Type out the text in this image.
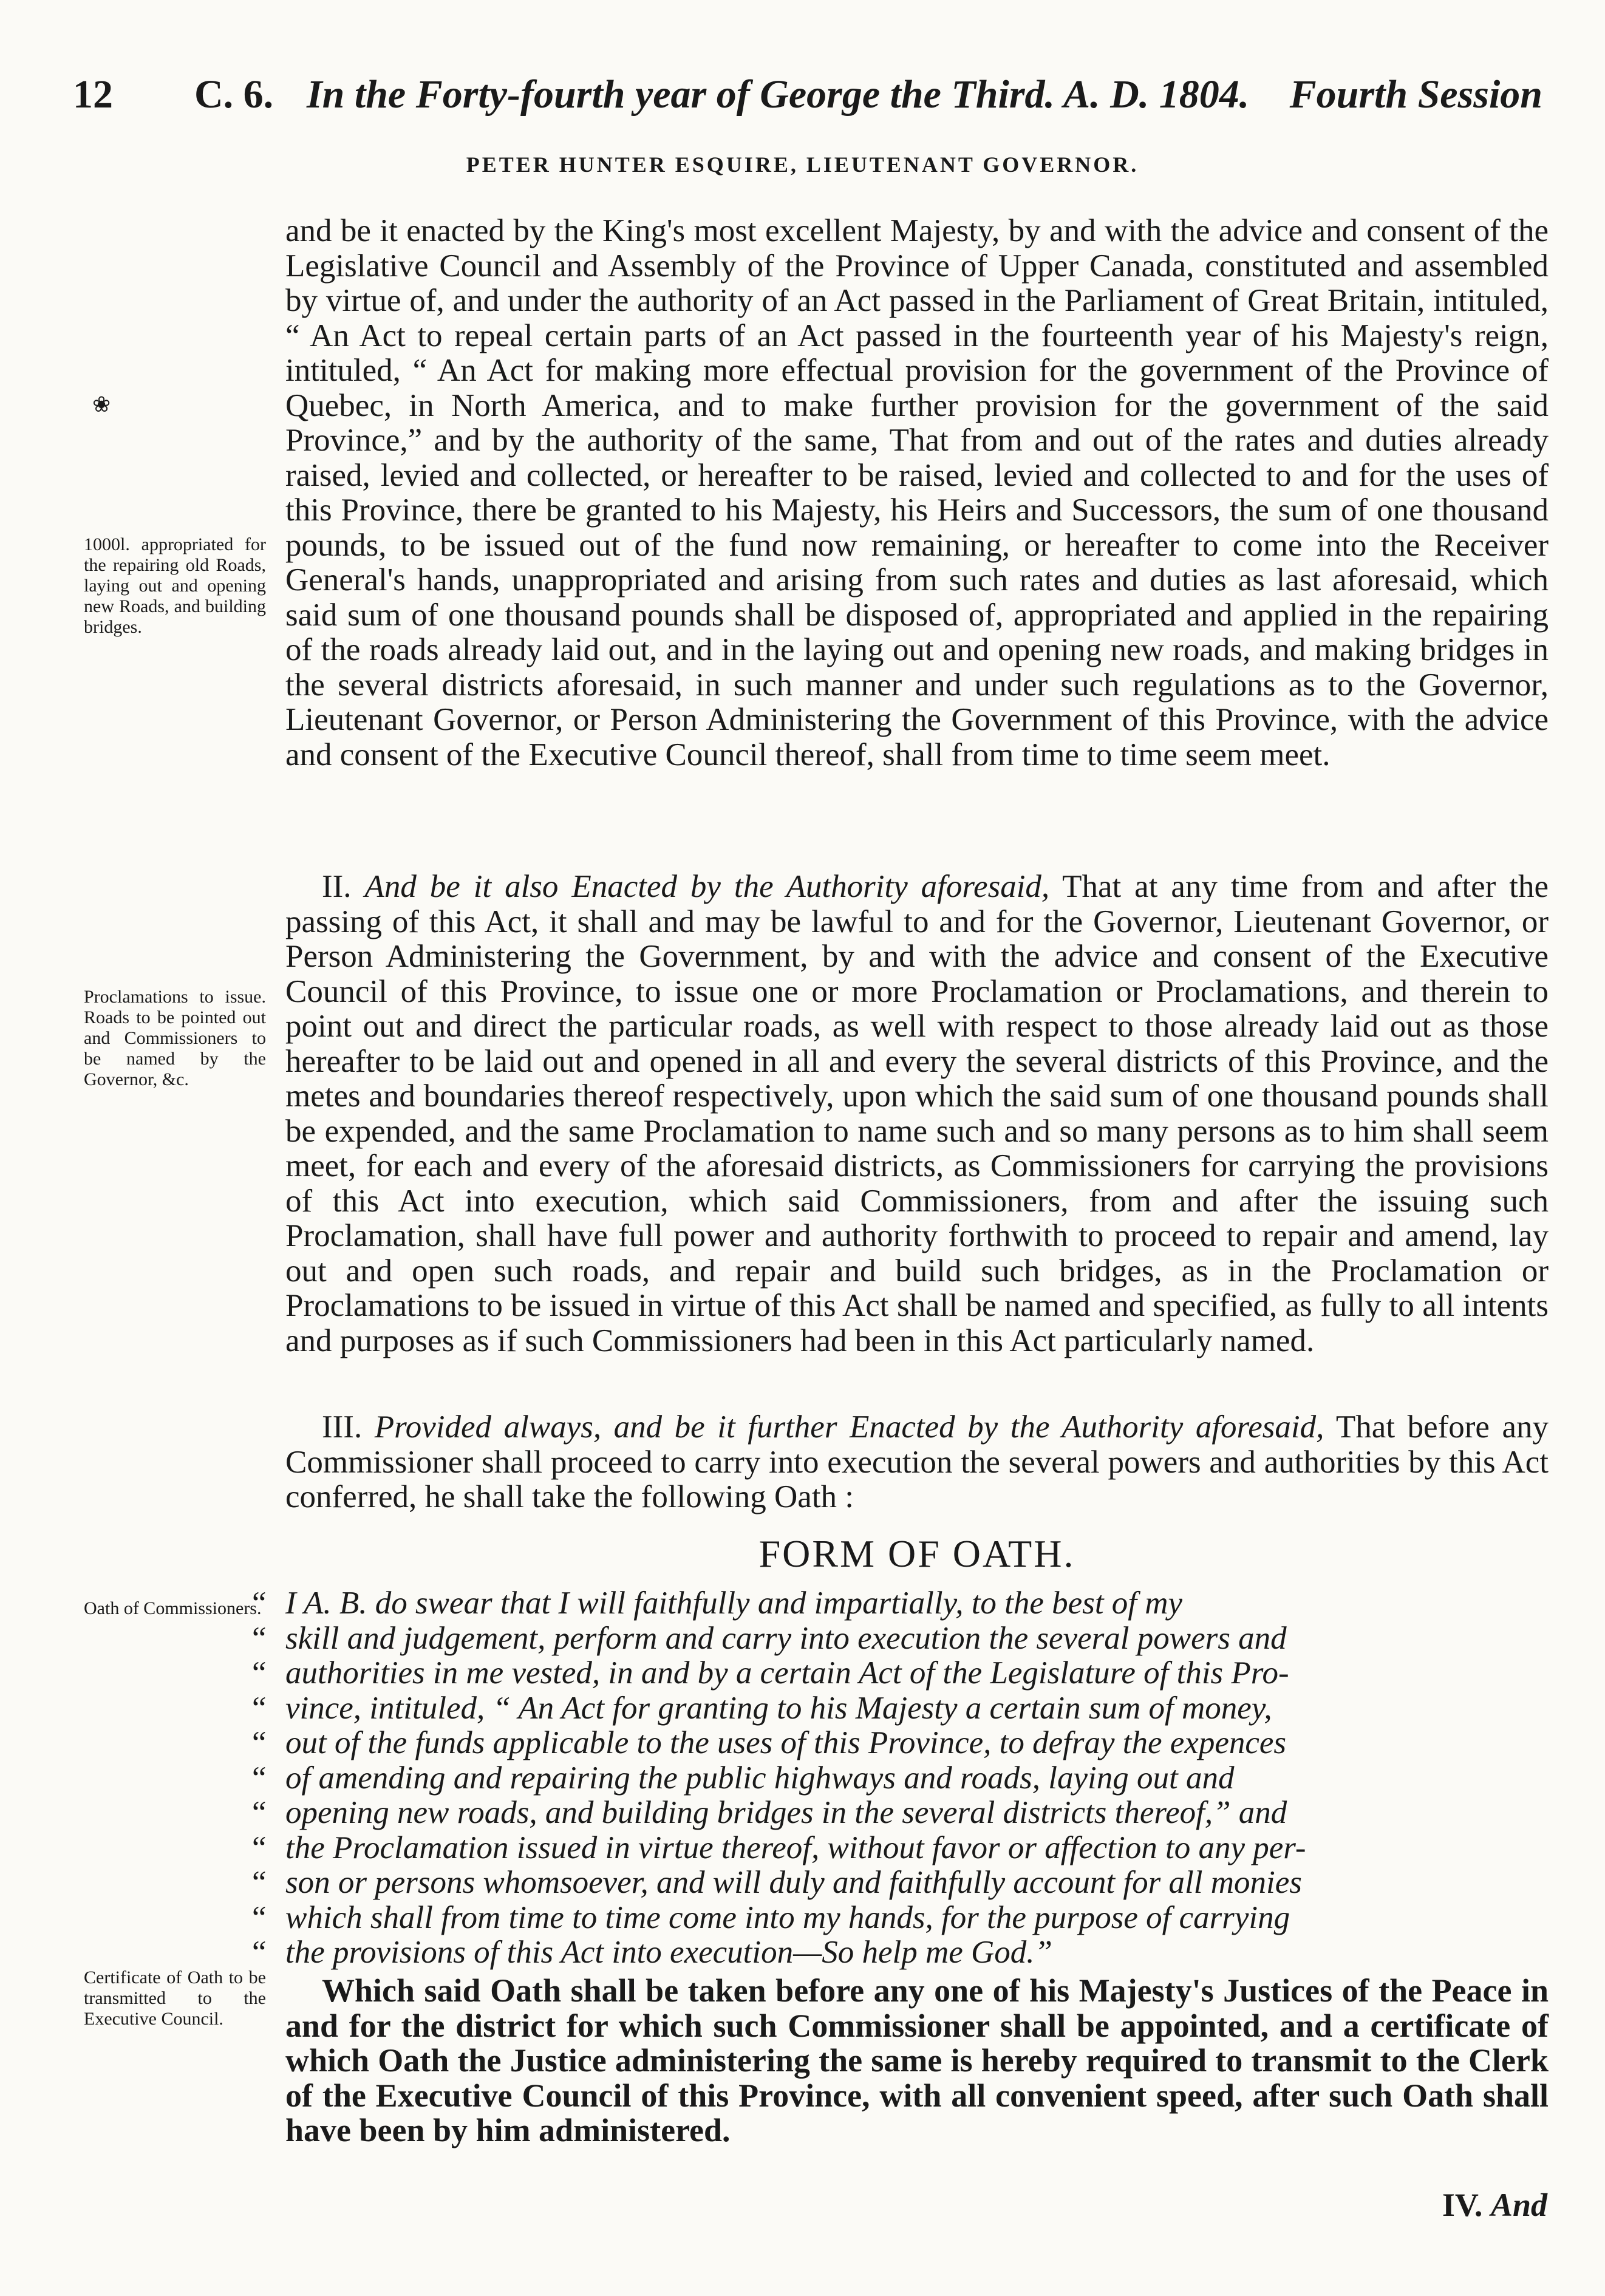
12 C. 6. In the Forty-fourth year of George the Third. A. D. 1804. Fourth Session
PETER HUNTER ESQUIRE, LIEUTENANT GOVERNOR.
❀
1000l. appropriated for the repairing old Roads, laying out and opening new Roads, and building bridges.
Proclamations to issue. Roads to be pointed out and Commissioners to be named by the Governor, &c.
Oath of Commissioners.
Certificate of Oath to be transmitted to the Executive Council.

and be it enacted by the King's most excellent Majesty, by and with the advice and consent of the Legislative Council and Assembly of the Province of Upper Canada, constituted and assembled by virtue of, and under the authority of an Act passed in the Parliament of Great Britain, intituled, “ An Act to repeal certain parts of an Act passed in the fourteenth year of his Majesty's reign, intituled, “ An Act for making more effectual provision for the government of the Province of Quebec, in North America, and to make further provision for the government of the said Province,” and by the authority of the same, That from and out of the rates and duties already raised, levied and collected, or hereafter to be raised, levied and collected to and for the uses of this Province, there be granted to his Majesty, his Heirs and Successors, the sum of one thousand pounds, to be issued out of the fund now remaining, or hereafter to come into the Receiver General's hands, unappropriated and arising from such rates and duties as last aforesaid, which said sum of one thousand pounds shall be disposed of, appropriated and applied in the repairing of the roads already laid out, and in the laying out and opening new roads, and making bridges in the several districts aforesaid, in such manner and under such regulations as to the Governor, Lieutenant Governor, or Person Administering the Government of this Province, with the advice and consent of the Executive Council thereof, shall from time to time seem meet.

II. And be it also Enacted by the Authority aforesaid, That at any time from and after the passing of this Act, it shall and may be lawful to and for the Governor, Lieutenant Governor, or Person Administering the Government, by and with the advice and consent of the Executive Council of this Province, to issue one or more Proclamation or Proclamations, and therein to point out and direct the particular roads, as well with respect to those already laid out as those hereafter to be laid out and opened in all and every the several districts of this Province, and the metes and boundaries thereof respectively, upon which the said sum of one thousand pounds shall be expended, and the same Proclamation to name such and so many persons as to him shall seem meet, for each and every of the aforesaid districts, as Commissioners for carrying the provisions of this Act into execution, which said Commissioners, from and after the issuing such Proclamation, shall have full power and authority forthwith to proceed to repair and amend, lay out and open such roads, and repair and build such bridges, as in the Proclamation or Proclamations to be issued in virtue of this Act shall be named and specified, as fully to all intents and purposes as if such Commissioners had been in this Act particularly named.

III. Provided always, and be it further Enacted by the Authority aforesaid, That before any Commissioner shall proceed to carry into execution the several powers and authorities by this Act conferred, he shall take the following Oath :

FORM OF OATH.

“ I A. B. do swear that I will faithfully and impartially, to the best of my

“ skill and judgement, perform and carry into execution the several powers and

“ authorities in me vested, in and by a certain Act of the Legislature of this Pro-

“ vince, intituled, “ An Act for granting to his Majesty a certain sum of money,

“ out of the funds applicable to the uses of this Province, to defray the expences

“ of amending and repairing the public highways and roads, laying out and

“ opening new roads, and building bridges in the several districts thereof,” and

“ the Proclamation issued in virtue thereof, without favor or affection to any per-

“ son or persons whomsoever, and will duly and faithfully account for all monies

“ which shall from time to time come into my hands, for the purpose of carrying

“ the provisions of this Act into execution—So help me God.”

Which said Oath shall be taken before any one of his Majesty's Justices of the Peace in and for the district for which such Commissioner shall be appointed, and a certificate of which Oath the Justice administering the same is hereby required to transmit to the Clerk of the Executive Council of this Province, with all convenient speed, after such Oath shall have been by him administered.

IV. And
